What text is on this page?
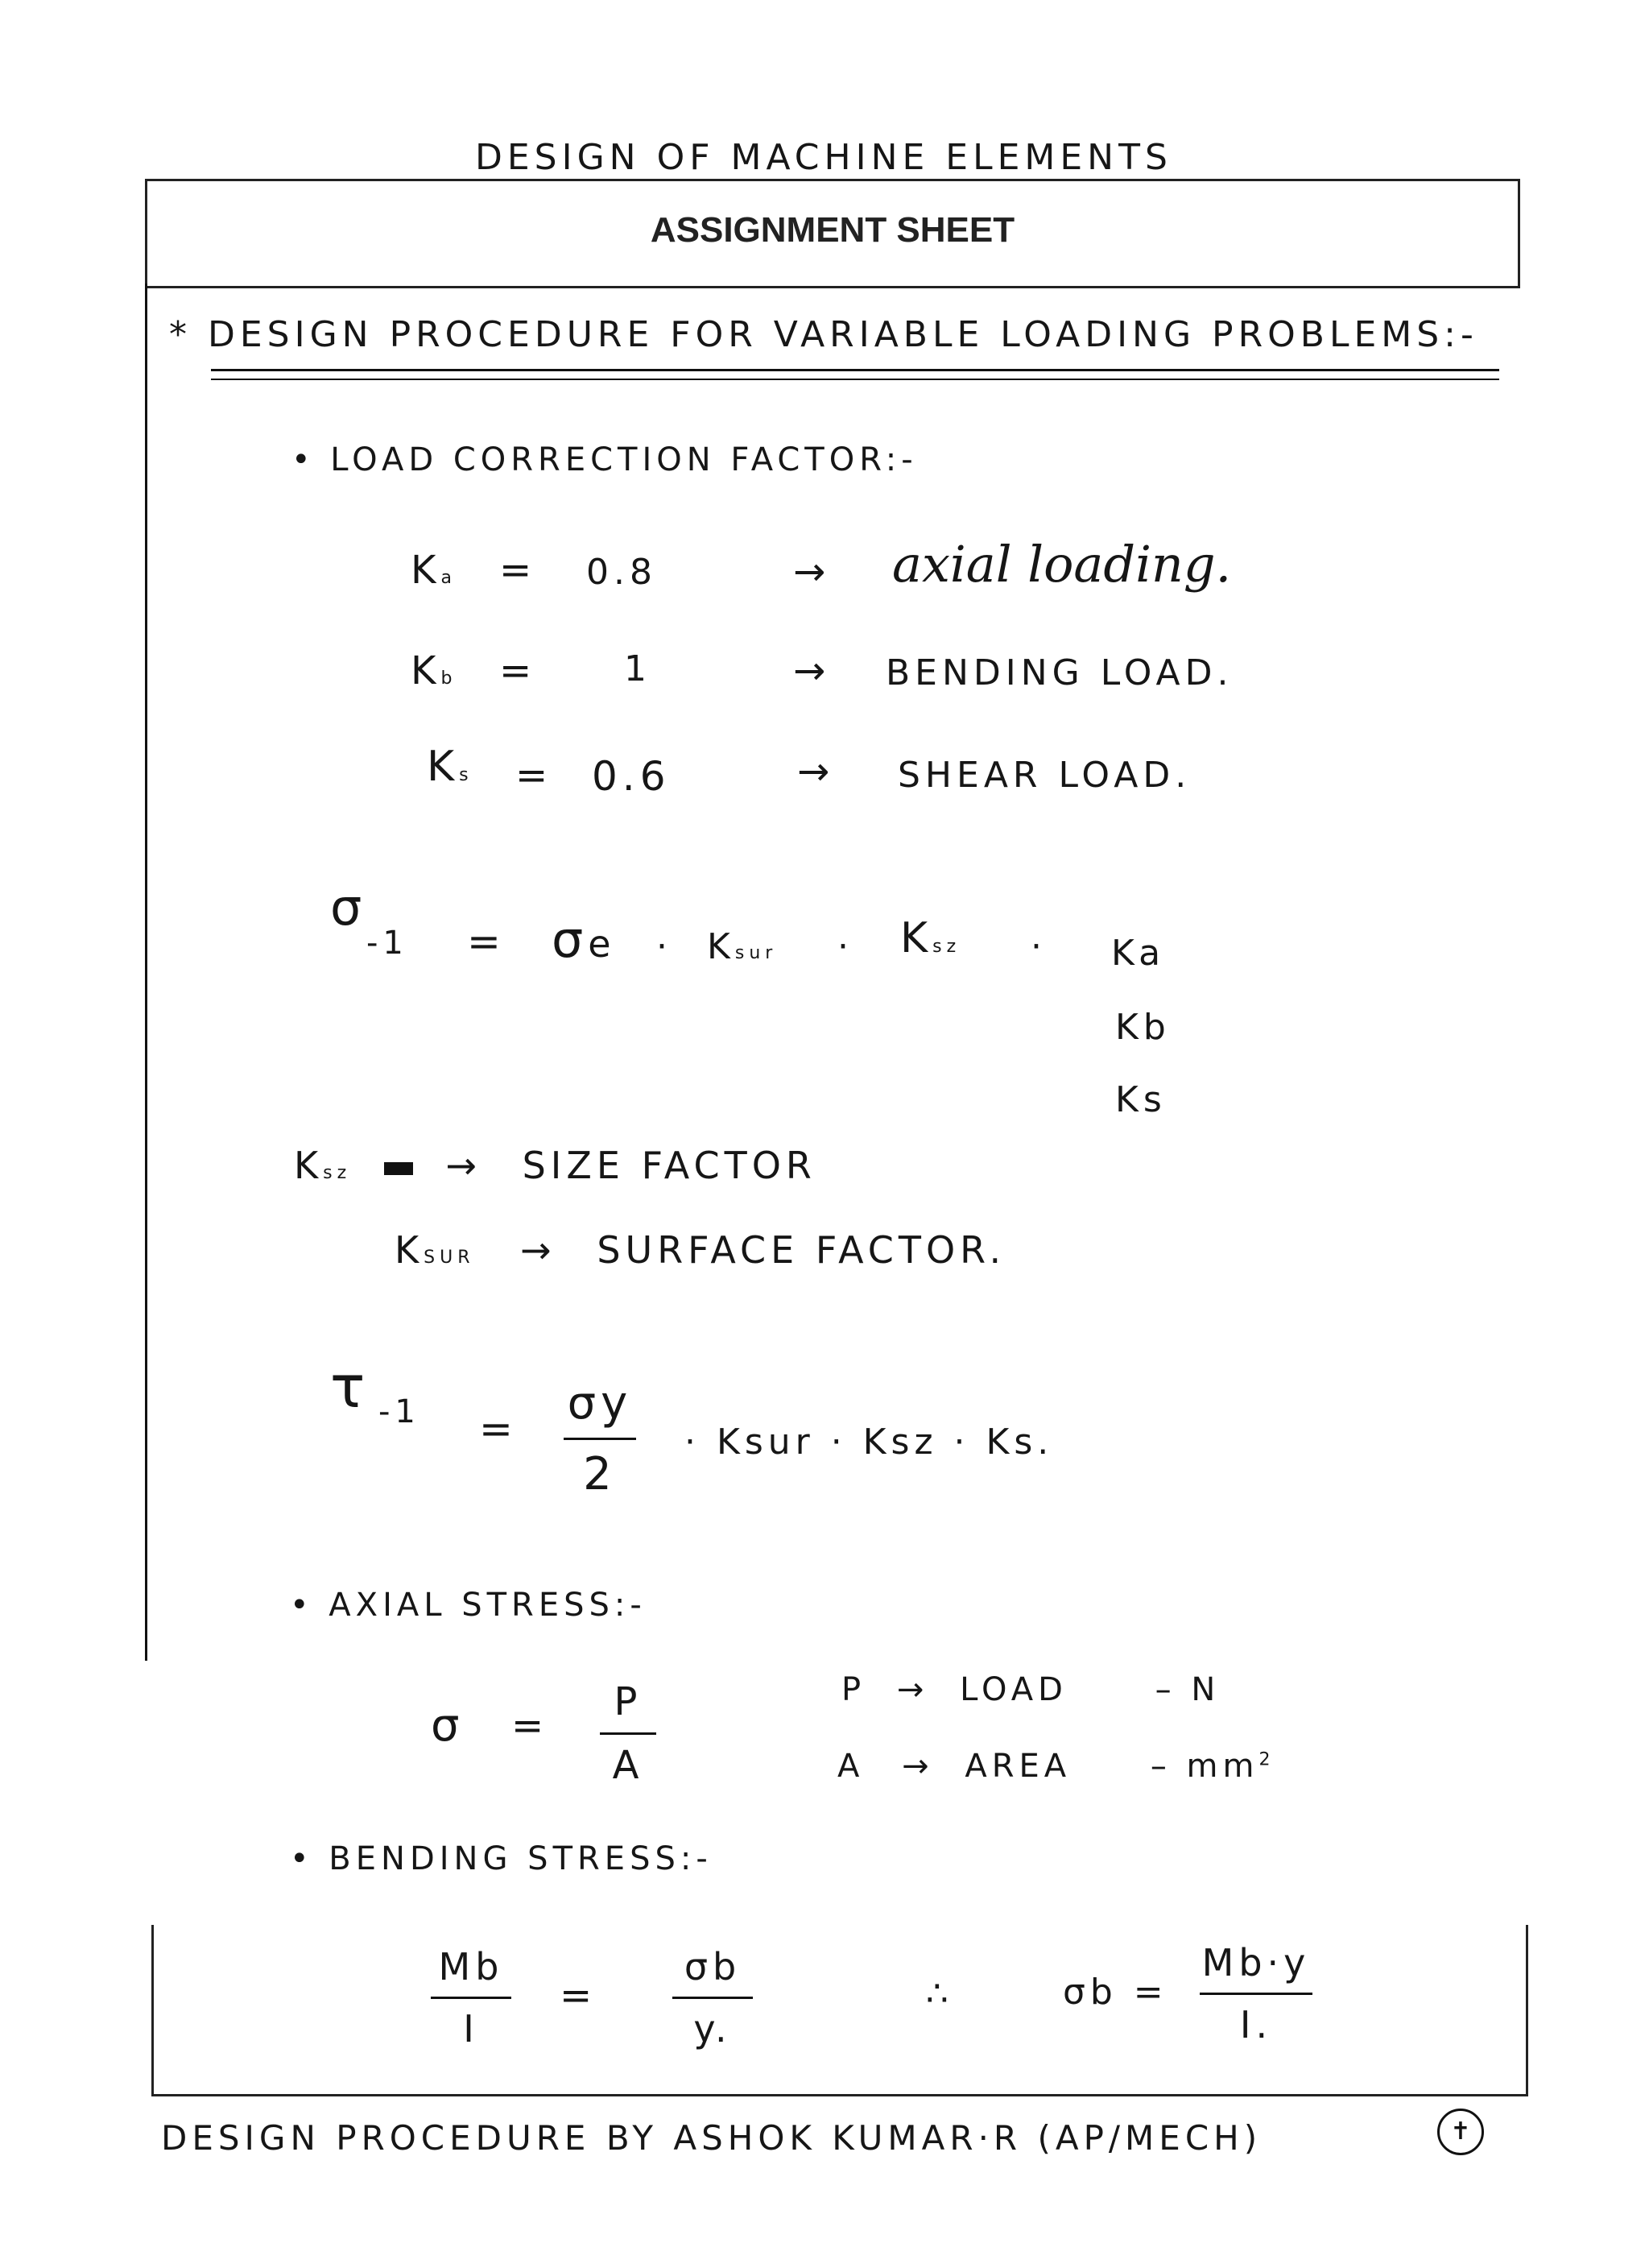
DESIGN OF MACHINE ELEMENTS
ASSIGNMENT SHEET
* DESIGN PROCEDURE FOR VARIABLE LOADING PROBLEMS:-
• LOAD CORRECTION FACTOR:-
Ka = 0.8	→ axial loading.
Kb = 1	→ BENDING LOAD.
Ks = 0.6	→ SHEAR LOAD.
σ
-1 = σe · Ksur · Ksz · Ka
Kb
Ks
Ksz	→ SIZE FACTOR
KSUR → SURFACE FACTOR.
τ -1 = σy
2
· Ksur · Ksz · Ks.
• AXIAL STRESS:-
σ =
P
A
P → LOAD	– N
A → AREA – $mm^2$
• BENDING STRESS:-
Mb
I
=
σb
y.
∴	σb =
Mb·y
I.
DESIGN PROCEDURE BY ASHOK KUMAR·R (AP/MECH)	✝
